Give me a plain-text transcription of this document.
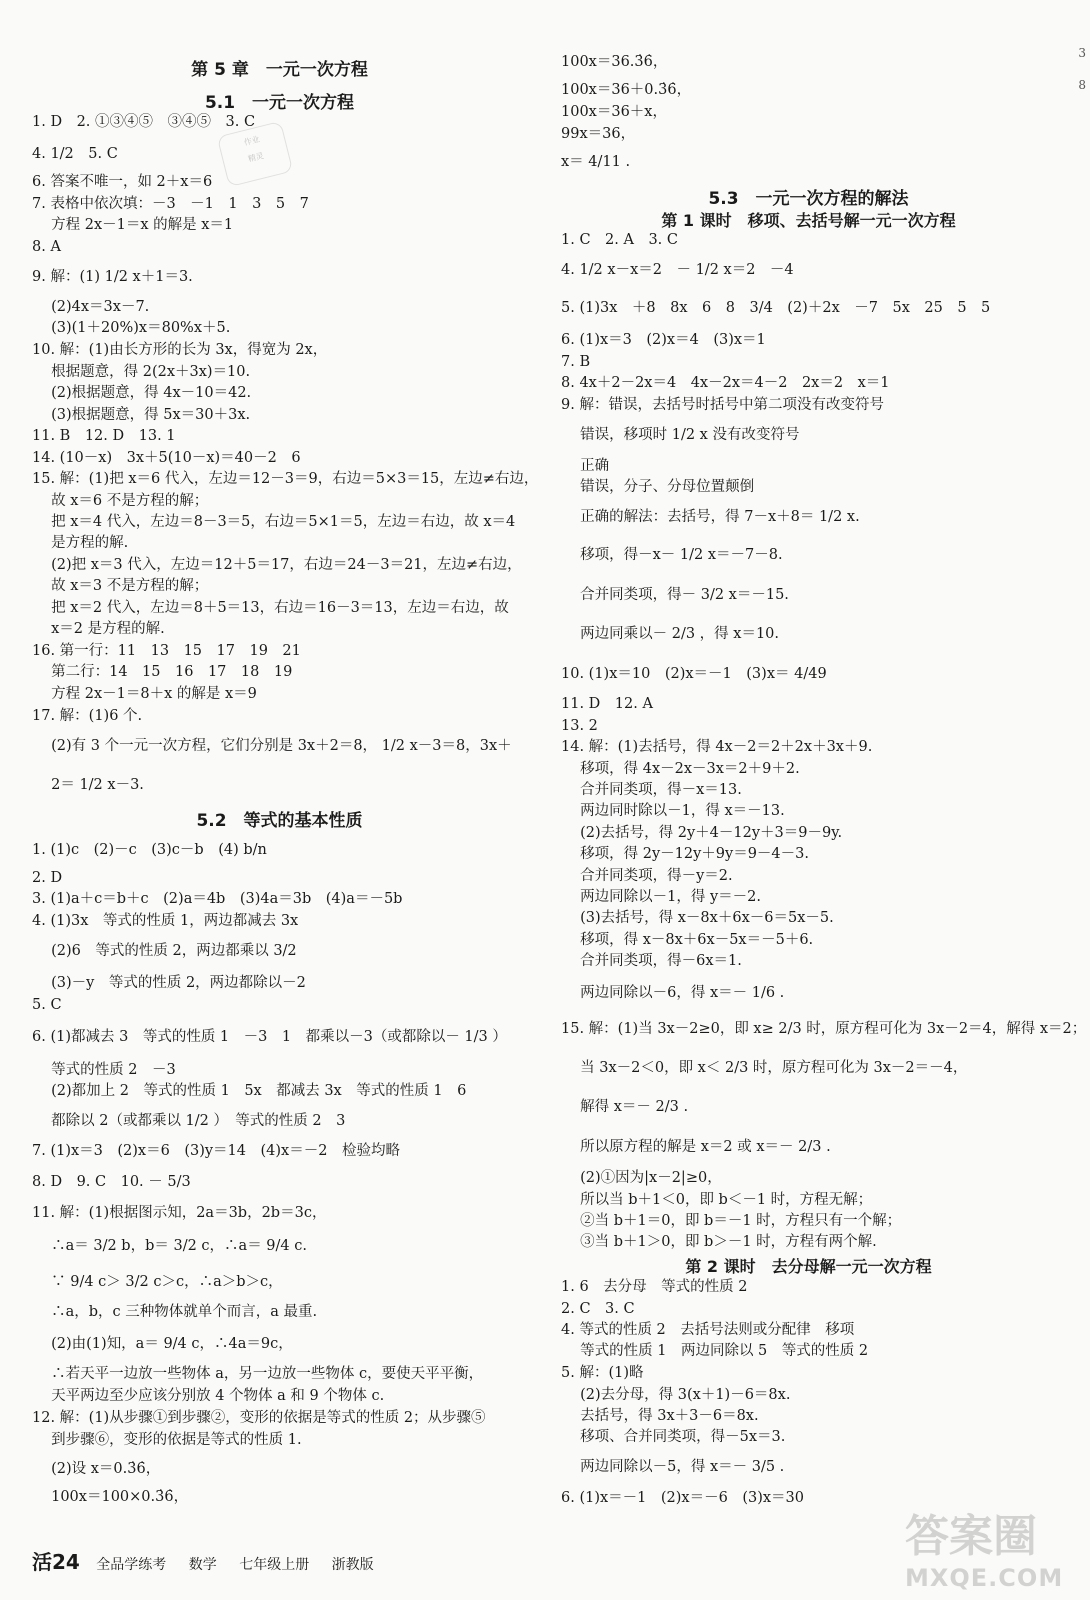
第 5 章　一元一次方程
5.1　一元一次方程
1. D　2. ①③④⑤　③④⑤　3. C
4. 1/2　5. C
6. 答案不唯一，如 2＋x＝6
7. 表格中依次填：－3　－1　1　3　5　7
　 方程 2x－1＝x 的解是 x＝1
8. A
9. 解：(1) 1/2 x＋1＝3.
　 (2)4x＝3x－7.
　 (3)(1＋20%)x＝80%x＋5.
10. 解：(1)由长方形的长为 3x，得宽为 2x，
　 根据题意，得 2(2x＋3x)＝10.
　 (2)根据题意，得 4x－10＝42.
　 (3)根据题意，得 5x＝30＋3x.
11. B　12. D　13. 1
14. (10－x)　3x＋5(10－x)＝40－2　6
15. 解：(1)把 x＝6 代入，左边＝12－3＝9，右边＝5×3＝15，左边≠右边，
　 故 x＝6 不是方程的解；
　 把 x＝4 代入，左边＝8－3＝5，右边＝5×1＝5，左边＝右边，故 x＝4
　 是方程的解.
　 (2)把 x＝3 代入，左边＝12＋5＝17，右边＝24－3＝21，左边≠右边，
　 故 x＝3 不是方程的解；
　 把 x＝2 代入，左边＝8＋5＝13，右边＝16－3＝13，左边＝右边，故
　 x＝2 是方程的解.
16. 第一行：11　13　15　17　19　21
　 第二行：14　15　16　17　18　19
　 方程 2x－1＝8＋x 的解是 x＝9
17. 解：(1)6 个.
　 (2)有 3 个一元一次方程，它们分别是 3x＋2＝8， 1/2 x－3＝8，3x＋
　 2＝ 1/2 x－3.
5.2　等式的基本性质
1. (1)c　(2)－c　(3)c－b　(4) b/n
2. D
3. (1)a＋c＝b＋c　(2)a＝4b　(3)4a＝3b　(4)a＝－5b
4. (1)3x　等式的性质 1，两边都减去 3x
　 (2)6　等式的性质 2，两边都乘以 3/2
　 (3)－y　等式的性质 2，两边都除以－2
5. C
6. (1)都减去 3　等式的性质 1　－3　1　都乘以－3（或都除以－ 1/3 ）
　 等式的性质 2　－3
　 (2)都加上 2　等式的性质 1　5x　都减去 3x　等式的性质 1　6
　 都除以 2（或都乘以 1/2 ）　等式的性质 2　3
7. (1)x＝3　(2)x＝6　(3)y＝14　(4)x＝－2　检验均略
8. D　9. C　10. － 5/3
11. 解：(1)根据图示知，2a＝3b，2b＝3c，
　 ∴a＝ 3/2 b，b＝ 3/2 c，∴a＝ 9/4 c.
　 ∵ 9/4 c＞ 3/2 c＞c，∴a＞b＞c，
　 ∴a，b，c 三种物体就单个而言，a 最重.
　 (2)由(1)知，a＝ 9/4 c，∴4a＝9c，
　 ∴若天平一边放一些物体 a，另一边放一些物体 c，要使天平平衡，
　 天平两边至少应该分别放 4 个物体 a 和 9 个物体 c.
12. 解：(1)从步骤①到步骤②，变形的依据是等式的性质 2；从步骤⑤
　 到步骤⑥，变形的依据是等式的性质 1.
　 (2)设 x＝0.3̇6̇，
　 100x＝100×0.3̇6̇，
100x＝36.3̇6̇，
100x＝36＋0.3̇6̇，
100x＝36＋x，
99x＝36，
x＝ 4/11 .
5.3　一元一次方程的解法
第 1 课时　移项、去括号解一元一次方程
1. C　2. A　3. C
4. 1/2 x－x＝2　－ 1/2 x＝2　－4
5. (1)3x　＋8　8x　6　8　3/4　(2)＋2x　－7　5x　25　5　5
6. (1)x＝3　(2)x＝4　(3)x＝1
7. B
8. 4x＋2－2x＝4　4x－2x＝4－2　2x＝2　x＝1
9. 解：错误，去括号时括号中第二项没有改变符号
　 错误，移项时 1/2 x 没有改变符号
　 正确
　 错误，分子、分母位置颠倒
　 正确的解法：去括号，得 7－x＋8＝ 1/2 x.
　 移项，得－x－ 1/2 x＝－7－8.
　 合并同类项，得－ 3/2 x＝－15.
　 两边同乘以－ 2/3 ，得 x＝10.
10. (1)x＝10　(2)x＝－1　(3)x＝ 4/49
11. D　12. A
13. 2
14. 解：(1)去括号，得 4x－2＝2＋2x＋3x＋9.
　 移项，得 4x－2x－3x＝2＋9＋2.
　 合并同类项，得－x＝13.
　 两边同时除以－1，得 x＝－13.
　 (2)去括号，得 2y＋4－12y＋3＝9－9y.
　 移项，得 2y－12y＋9y＝9－4－3.
　 合并同类项，得－y＝2.
　 两边同除以－1，得 y＝－2.
　 (3)去括号，得 x－8x＋6x－6＝5x－5.
　 移项，得 x－8x＋6x－5x＝－5＋6.
　 合并同类项，得－6x＝1.
　 两边同除以－6，得 x＝－ 1/6 .
15. 解：(1)当 3x－2≥0，即 x≥ 2/3 时，原方程可化为 3x－2＝4，解得 x＝2；
　 当 3x－2＜0，即 x＜ 2/3 时，原方程可化为 3x－2＝－4，
　 解得 x＝－ 2/3 .
　 所以原方程的解是 x＝2 或 x＝－ 2/3 .
　 (2)①因为|x－2|≥0，
　 所以当 b＋1＜0，即 b＜－1 时，方程无解；
　 ②当 b＋1＝0，即 b＝－1 时，方程只有一个解；
　 ③当 b＋1＞0，即 b＞－1 时，方程有两个解.
第 2 课时　去分母解一元一次方程
1. 6　去分母　等式的性质 2
2. C　3. C
4. 等式的性质 2　去括号法则或分配律　移项
　 等式的性质 1　两边同除以 5　等式的性质 2
5. 解：(1)略
　 (2)去分母，得 3(x＋1)－6＝8x.
　 去括号，得 3x＋3－6＝8x.
　 移项、合并同类项，得－5x＝3.
　 两边同除以－5，得 x＝－ 3/5 .
6. (1)x＝－1　(2)x＝－6　(3)x＝30
作业
精灵
活24 全品学练考 数学 七年级上册 浙教版
答案圈
MXQE.COM
3
8
